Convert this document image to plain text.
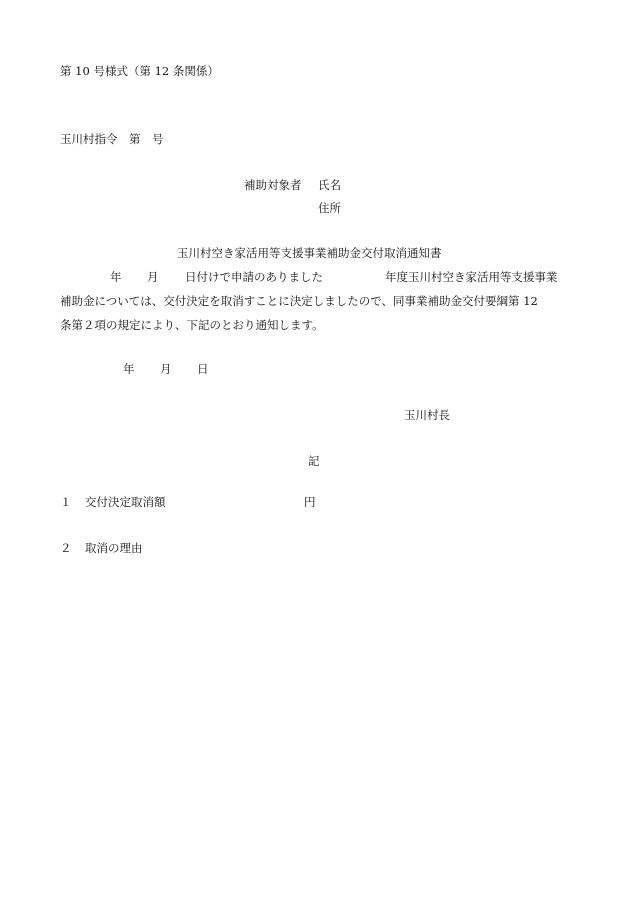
第 10 号様式（第 12 条関係）
玉川村指令　第　号
補助対象者 氏名
住所
玉川村空き家活用等支援事業補助金交付取消通知書
年 月 日付けで申請のありました	年度玉川村空き家活用等支援事業
補助金については、交付決定を取消すことに決定しましたので、同事業補助金交付要綱第 12
条第２項の規定により、下記のとおり通知します。
年 月 日
玉川村長
記
１ 交付決定取消額	円
２ 取消の理由
